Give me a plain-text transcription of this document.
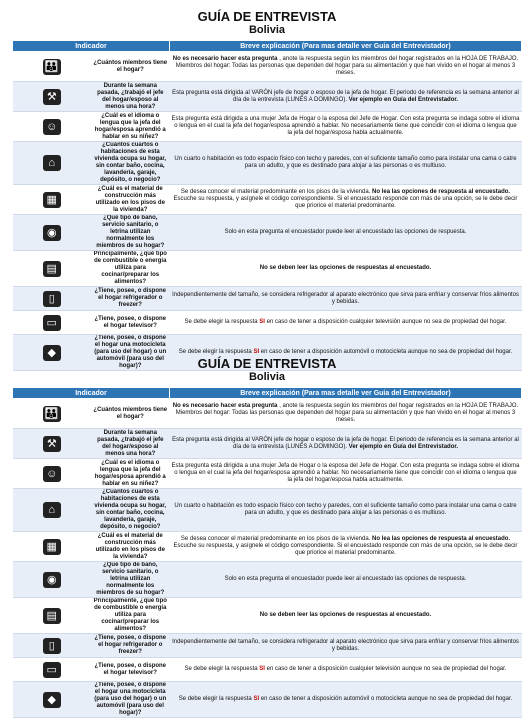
GUÍA DE ENTREVISTA
Bolivia
Indicador		Breve explicación (Para mas detalle ver Guía del Entrevistador)
👪	¿Cuántos miembros tiene el hogar?	No es necesario hacer esta pregunta , anote la respuesta según los miembros del hogar registrados en la HOJA DE TRABAJO. Miembros del hogar: Todas las personas que dependen del hogar para su alimentación y que han vivido en el hogar al menos 3 meses.
⚒	Durante la semana pasada, ¿trabajó el jefe del hogar/esposo al menos una hora?	Esta pregunta está dirigida al VARÓN jefe de hogar o esposo de la jefa de hogar. El periodo de referencia es la semana anterior al día de la entrevista (LUNES A DOMINGO). Ver ejemplo en Guía del Entrevistador.
☺	¿Cuál es el idioma o lengua que la jefa del hogar/esposa aprendió a hablar en su niñez?	Esta pregunta está dirigida a una mujer Jefa de Hogar o la esposa del Jefe de Hogar. Con esta pregunta se indaga sobre el idioma o lengua en el cual la jefa del hogar/esposa aprendió a hablar. No necesariamente tiene que coincidir con el idioma o lengua que la jefa del hogar/esposa habla actualmente.
⌂	¿Cuántos cuartos o habitaciones de esta vivienda ocupa su hogar, sin contar baño, cocina, lavandería, garaje, depósito, o negocio?	Un cuarto o habitación es todo espacio físico con techo y paredes, con el suficiente tamaño como para instalar una cama o catre para un adulto, y que es destinado para alojar a las personas o es multiuso.
▦	¿Cuál es el material de construcción más utilizado en los pisos de la vivienda?	Se desea conocer el material predominante en los pisos de la vivienda. No lea las opciones de respuesta al encuestado. Escuche su respuesta, y asígnele el código correspondiente. Si el encuestado responde con más de una opción, se le debe decir que priorice el material predominante.
◉	¿Qué tipo de baño, servicio sanitario, o letrina utilizan normalmente los miembros de su hogar?	Solo en esta pregunta el encuestador puede leer al encuestado las opciones de respuesta.
▤	Principalmente, ¿qué tipo de combustible o energía utiliza para cocinar/preparar los alimentos?	No se deben leer las opciones de respuestas al encuestado.
▯	¿Tiene, posee, o dispone el hogar refrigerador o freezer?	Independientemente del tamaño, se considera refrigerador al aparato electrónico que sirva para enfriar y conservar fríos alimentos y bebidas.
▭	¿Tiene, posee, o dispone el hogar televisor?	Se debe elegir la respuesta SI en caso de tener a disposición cualquier televisión aunque no sea de propiedad del hogar.
◆	¿Tiene, posee, o dispone el hogar una motocicleta (para uso del hogar) o un automóvil (para uso del hogar)?	Se debe elegir la respuesta SI en caso de tener a disposición automóvil o motocicleta aunque no sea de propiedad del hogar.
GUÍA DE ENTREVISTA
Bolivia
Indicador		Breve explicación (Para mas detalle ver Guía del Entrevistador)
👪	¿Cuántos miembros tiene el hogar?	No es necesario hacer esta pregunta , anote la respuesta según los miembros del hogar registrados en la HOJA DE TRABAJO. Miembros del hogar: Todas las personas que dependen del hogar para su alimentación y que han vivido en el hogar al menos 3 meses.
⚒	Durante la semana pasada, ¿trabajó el jefe del hogar/esposo al menos una hora?	Esta pregunta está dirigida al VARÓN jefe de hogar o esposo de la jefa de hogar. El periodo de referencia es la semana anterior al día de la entrevista (LUNES A DOMINGO). Ver ejemplo en Guía del Entrevistador.
☺	¿Cuál es el idioma o lengua que la jefa del hogar/esposa aprendió a hablar en su niñez?	Esta pregunta está dirigida a una mujer Jefa de Hogar o la esposa del Jefe de Hogar. Con esta pregunta se indaga sobre el idioma o lengua en el cual la jefa del hogar/esposa aprendió a hablar. No necesariamente tiene que coincidir con el idioma o lengua que la jefa del hogar/esposa habla actualmente.
⌂	¿Cuántos cuartos o habitaciones de esta vivienda ocupa su hogar, sin contar baño, cocina, lavandería, garaje, depósito, o negocio?	Un cuarto o habitación es todo espacio físico con techo y paredes, con el suficiente tamaño como para instalar una cama o catre para un adulto, y que es destinado para alojar a las personas o es multiuso.
▦	¿Cuál es el material de construcción más utilizado en los pisos de la vivienda?	Se desea conocer el material predominante en los pisos de la vivienda. No lea las opciones de respuesta al encuestado. Escuche su respuesta, y asígnele el código correspondiente. Si el encuestado responde con más de una opción, se le debe decir que priorice el material predominante.
◉	¿Qué tipo de baño, servicio sanitario, o letrina utilizan normalmente los miembros de su hogar?	Solo en esta pregunta el encuestador puede leer al encuestado las opciones de respuesta.
▤	Principalmente, ¿qué tipo de combustible o energía utiliza para cocinar/preparar los alimentos?	No se deben leer las opciones de respuestas al encuestado.
▯	¿Tiene, posee, o dispone el hogar refrigerador o freezer?	Independientemente del tamaño, se considera refrigerador al aparato electrónico que sirva para enfriar y conservar fríos alimentos y bebidas.
▭	¿Tiene, posee, o dispone el hogar televisor?	Se debe elegir la respuesta SI en caso de tener a disposición cualquier televisión aunque no sea de propiedad del hogar.
◆	¿Tiene, posee, o dispone el hogar una motocicleta (para uso del hogar) o un automóvil (para uso del hogar)?	Se debe elegir la respuesta SI en caso de tener a disposición automóvil o motocicleta aunque no sea de propiedad del hogar.
